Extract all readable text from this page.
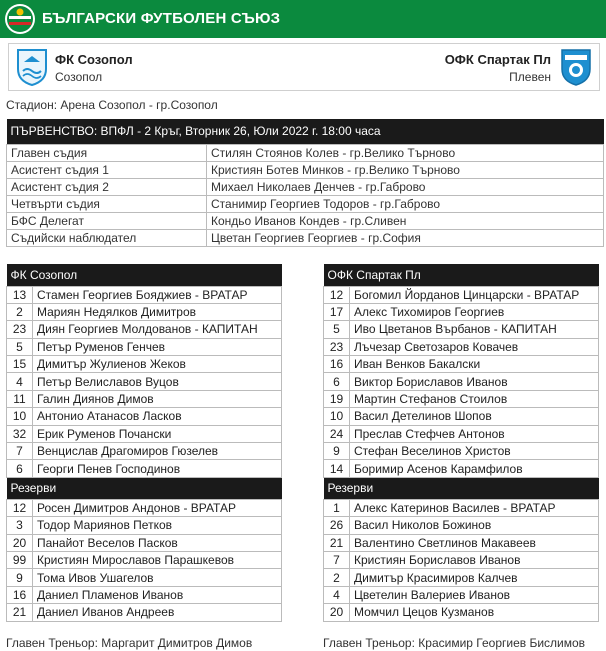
БЪЛГАРСКИ ФУТБОЛЕН СЪЮЗ
ФК Созопол
Созопол
ОФК Спартак Пл
Плевен
Стадион: Арена Созопол - гр.Созопол
ПЪРВЕНСТВО: ВПФЛ - 2 Кръг, Вторник 26, Юли 2022 г. 18:00 часа	
Главен съдия	Стилян Стоянов Колев - гр.Велико Търново
Асистент съдия 1	Кристиян Ботев Минков - гр.Велико Търново
Асистент съдия 2	Михаел Николаев Денчев - гр.Габрово
Четвърти съдия	Станимир Георгиев Тодоров - гр.Габрово
БФС Делегат	Кондьо Иванов Кондев - гр.Сливен
Съдийски наблюдател	Цветан Георгиев Георгиев - гр.София
ФК Созопол	
13	Стамен Георгиев Бояджиев - ВРАТАР
2	Мариян Недялков Димитров
23	Диян Георгиев Молдованов - КАПИТАН
5	Петър Руменов Генчев
15	Димитър Жулиенов Жеков
4	Петър Велиславов Вуцов
11	Галин Диянов Димов
10	Антонио Атанасов Ласков
32	Ерик Руменов Почански
7	Венцислав Драгомиров Гюзелев
6	Георги Пенев Господинов
Резерви	
12	Росен Димитров Андонов - ВРАТАР
3	Тодор Мариянов Петков
20	Панайот Веселов Пасков
99	Кристиян Мирославов Парашкевов
9	Тома Ивов Ушагелов
16	Даниел Пламенов Иванов
21	Даниел Иванов Андреев
ОФК Спартак Пл	
12	Богомил Йорданов Цинцарски - ВРАТАР
17	Алекс Тихомиров Георгиев
5	Иво Цветанов Върбанов - КАПИТАН
23	Лъчезар Светозаров Ковачев
16	Иван Венков Бакалски
6	Виктор Бориславов Иванов
19	Мартин Стефанов Стоилов
10	Васил Детелинов Шопов
24	Преслав Стефчев Антонов
9	Стефан Веселинов Христов
14	Боримир Асенов Карамфилов
Резерви	
1	Алекс Катеринов Василев - ВРАТАР
26	Васил Николов Божинов
21	Валентино Светлинов Макавеев
7	Кристиян Бориславов Иванов
2	Димитър Красимиров Калчев
4	Цветелин Валериев Иванов
20	Момчил Цецов Кузманов
Главен Треньор: Маргарит Димитров Димов	Главен Треньор: Красимир Георгиев Бислимов
